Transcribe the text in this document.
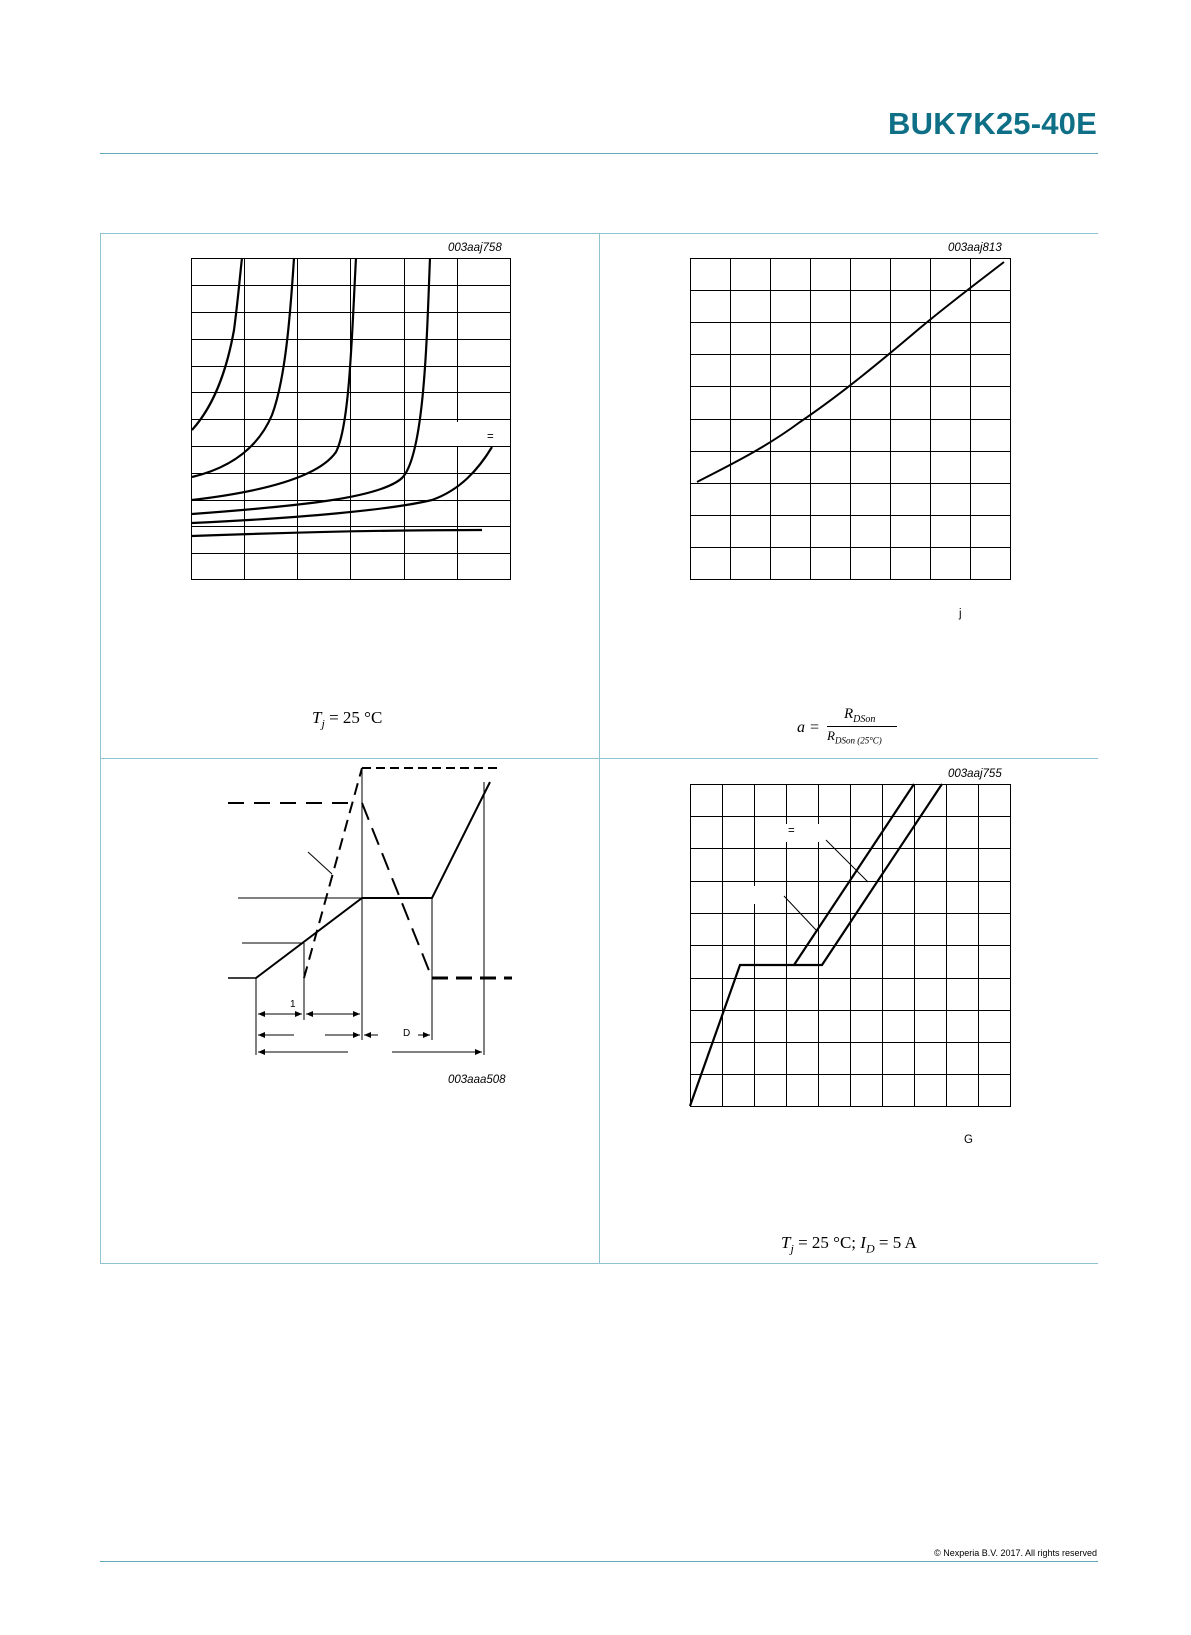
BUK7K25-40E
003aaj758
=
$T_j = 25$ °C
003aaj813
j
a =
$R_{DSon}$
$R_{DSon (25^\circ C)}$
1
D
003aaa508
003aaj755
=
G
$T_j = 25$ °C; $I_D = 5$ A
© Nexperia B.V. 2017. All rights reserved
